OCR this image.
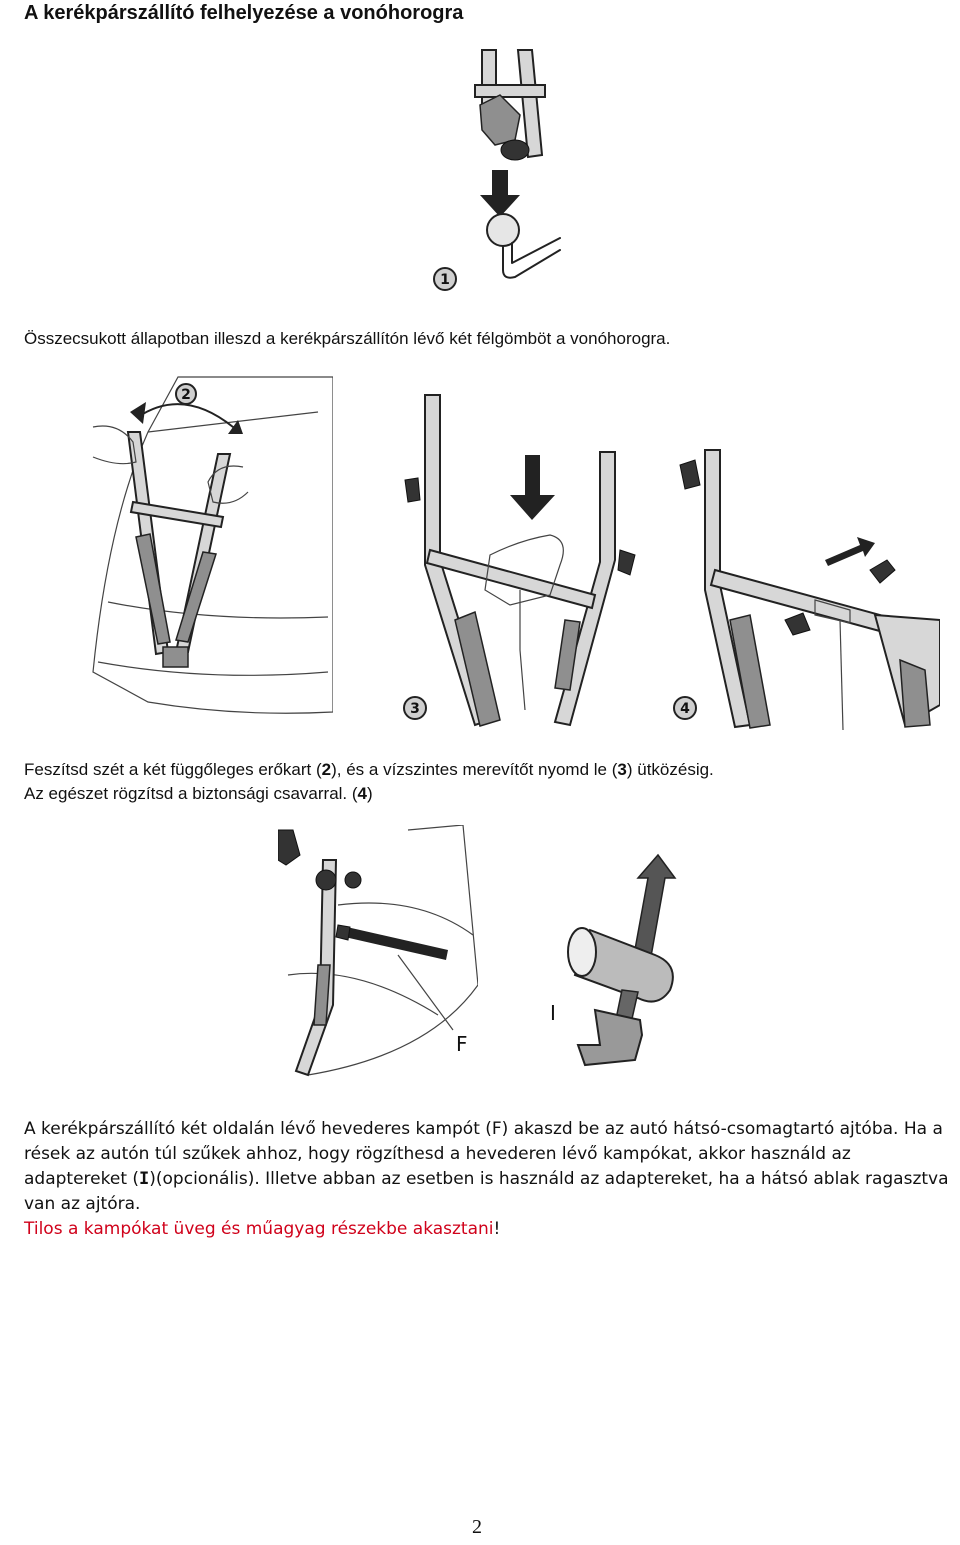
A kerékpárszállító felhelyezése a vonóhorogra
1
Összecsukott állapotban illeszd a kerékpárszállítón lévő két félgömböt a vonóhorogra.
2
3	4
Feszítsd szét a két függőleges erőkart (2), és a vízszintes merevítőt nyomd le (3) ütközésig.
Az egészet rögzítsd a biztonsági csavarral. (4)
F
I
A kerékpárszállító két oldalán lévő hevederes kampót (F) akaszd be az autó hátsó-csomagtartó ajtóba. Ha a rések az autón túl szűkek ahhoz, hogy rögzíthesd a hevederen lévő kampókat, akkor használd az adaptereket (I)(opcionális). Illetve abban az esetben is használd az adaptereket, ha a hátsó ablak ragasztva van az ajtóra.
Tilos a kampókat üveg és műagyag részekbe akasztani!
2
